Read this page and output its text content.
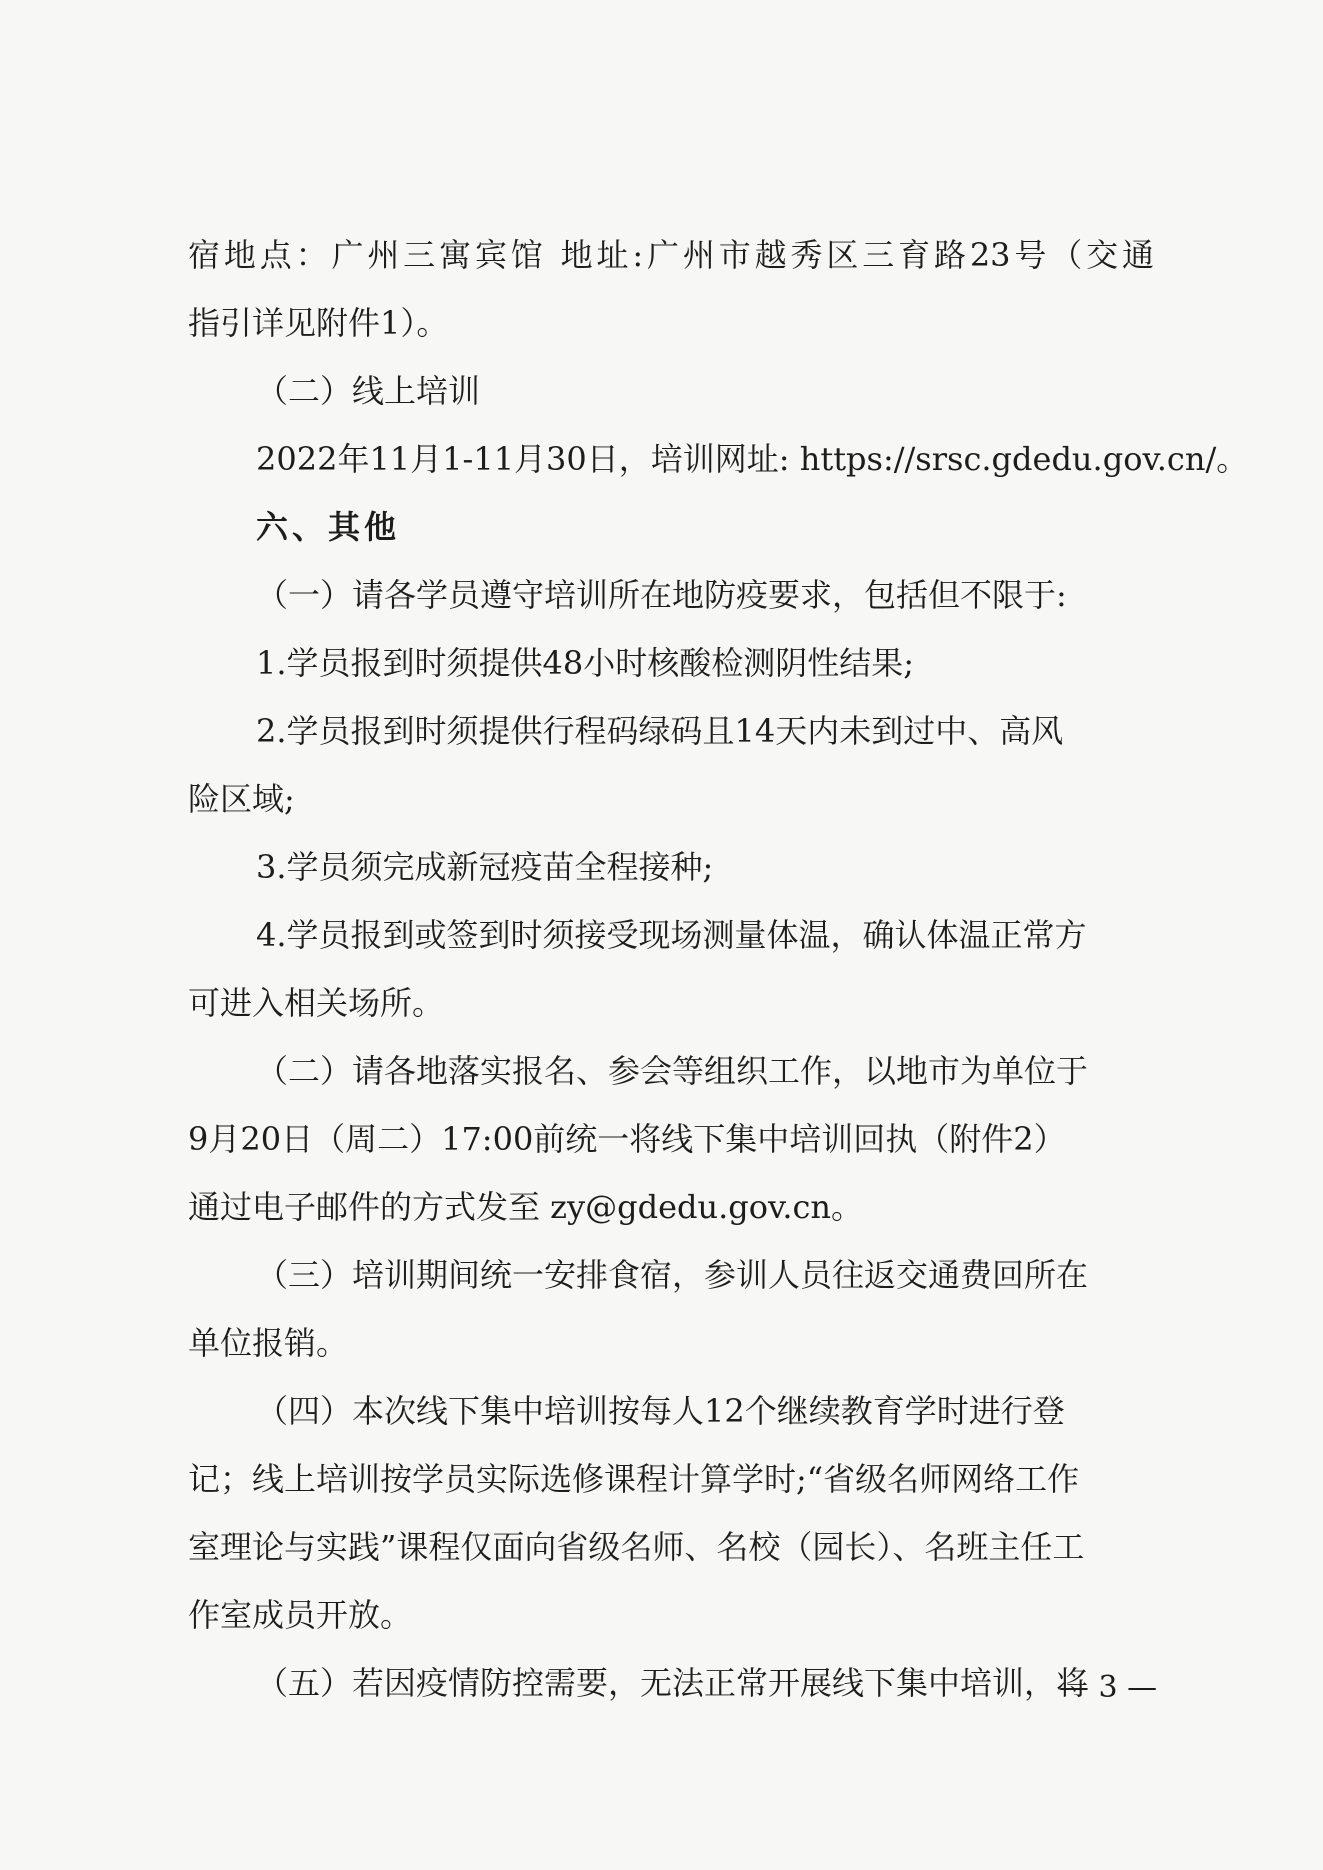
宿地点：广州三寓宾馆 地址:广州市越秀区三育路23号（交通
指引详见附件1）。
（二）线上培训
2022年11月1-11月30日，培训网址: https://srsc.gdedu.gov.cn/。
六、其他
（一）请各学员遵守培训所在地防疫要求，包括但不限于:
1.学员报到时须提供48小时核酸检测阴性结果;
2.学员报到时须提供行程码绿码且14天内未到过中、高风
险区域;
3.学员须完成新冠疫苗全程接种;
4.学员报到或签到时须接受现场测量体温，确认体温正常方
可进入相关场所。
（二）请各地落实报名、参会等组织工作，以地市为单位于
9月20日（周二）17:00前统一将线下集中培训回执（附件2）
通过电子邮件的方式发至 zy@gdedu.gov.cn。
（三）培训期间统一安排食宿，参训人员往返交通费回所在
单位报销。
（四）本次线下集中培训按每人12个继续教育学时进行登
记；线上培训按学员实际选修课程计算学时;“省级名师网络工作
室理论与实践”课程仅面向省级名师、名校（园长）、名班主任工
作室成员开放。
（五）若因疫情防控需要，无法正常开展线下集中培训，将
— 3 —
